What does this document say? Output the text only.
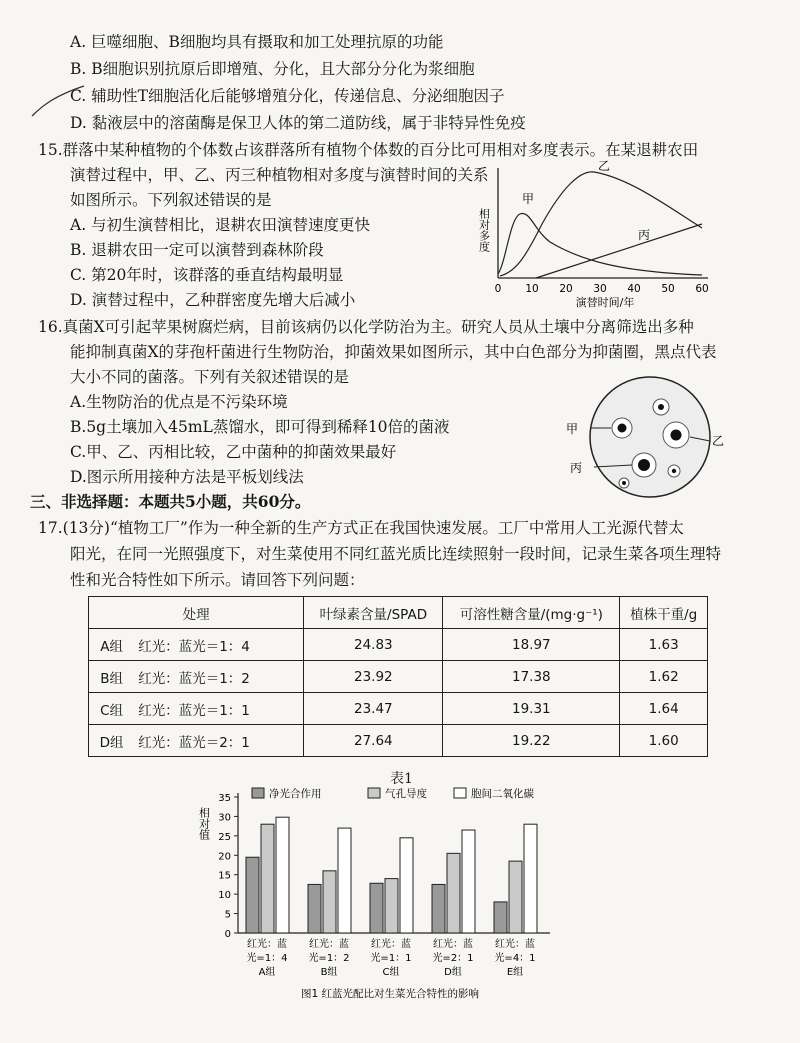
A. 巨噬细胞、B细胞均具有摄取和加工处理抗原的功能
B. B细胞识别抗原后即增殖、分化，且大部分分化为浆细胞
C. 辅助性T细胞活化后能够增殖分化，传递信息、分泌细胞因子
D. 黏液层中的溶菌酶是保卫人体的第二道防线，属于非特异性免疫
15.群落中某种植物的个体数占该群落所有植物个体数的百分比可用相对多度表示。在某退耕农田
演替过程中，甲、乙、丙三种植物相对多度与演替时间的关系
如图所示。下列叙述错误的是
A. 与初生演替相比，退耕农田演替速度更快
B. 退耕农田一定可以演替到森林阶段
C. 第20年时，该群落的垂直结构最明显
D. 演替过程中，乙种群密度先增大后减小
相对多度
甲
乙
丙
0 10 20 30 40 50 60
演替时间/年
16.真菌X可引起苹果树腐烂病，目前该病仍以化学防治为主。研究人员从土壤中分离筛选出多种
能抑制真菌X的芽孢杆菌进行生物防治，抑菌效果如图所示，其中白色部分为抑菌圈，黑点代表
大小不同的菌落。下列有关叙述错误的是
A.生物防治的优点是不污染环境
B.5g土壤加入45mL蒸馏水，即可得到稀释10倍的菌液
C.甲、乙、丙相比较，乙中菌种的抑菌效果最好
D.图示所用接种方法是平板划线法
甲
乙
丙
三、非选择题：本题共5小题，共60分。
17.(13分)“植物工厂”作为一种全新的生产方式正在我国快速发展。工厂中常用人工光源代替太
阳光，在同一光照强度下，对生菜使用不同红蓝光质比连续照射一段时间，记录生菜各项生理特
性和光合特性如下所示。请回答下列问题：
处理		叶绿素含量/SPAD	可溶性糖含量/(mg·g⁻¹)	植株干重/g
A组	红光：蓝光＝1：4	24.83	18.97	1.63
B组	红光：蓝光＝1：2	23.92	17.38	1.62
C组	红光：蓝光＝1：1	23.47	19.31	1.64
D组	红光：蓝光＝2：1	27.64	19.22	1.60
表1
净光合作用	气孔导度	胞间二氧化碳
相对值
0
5
10
15
20
25
30
35
红光：蓝
光=1：4
A组
红光：蓝
光=1：2
B组
红光：蓝
光=1：1
C组
红光：蓝
光=2：1
D组
红光：蓝
光=4：1
E组
图1 红蓝光配比对生菜光合特性的影响
